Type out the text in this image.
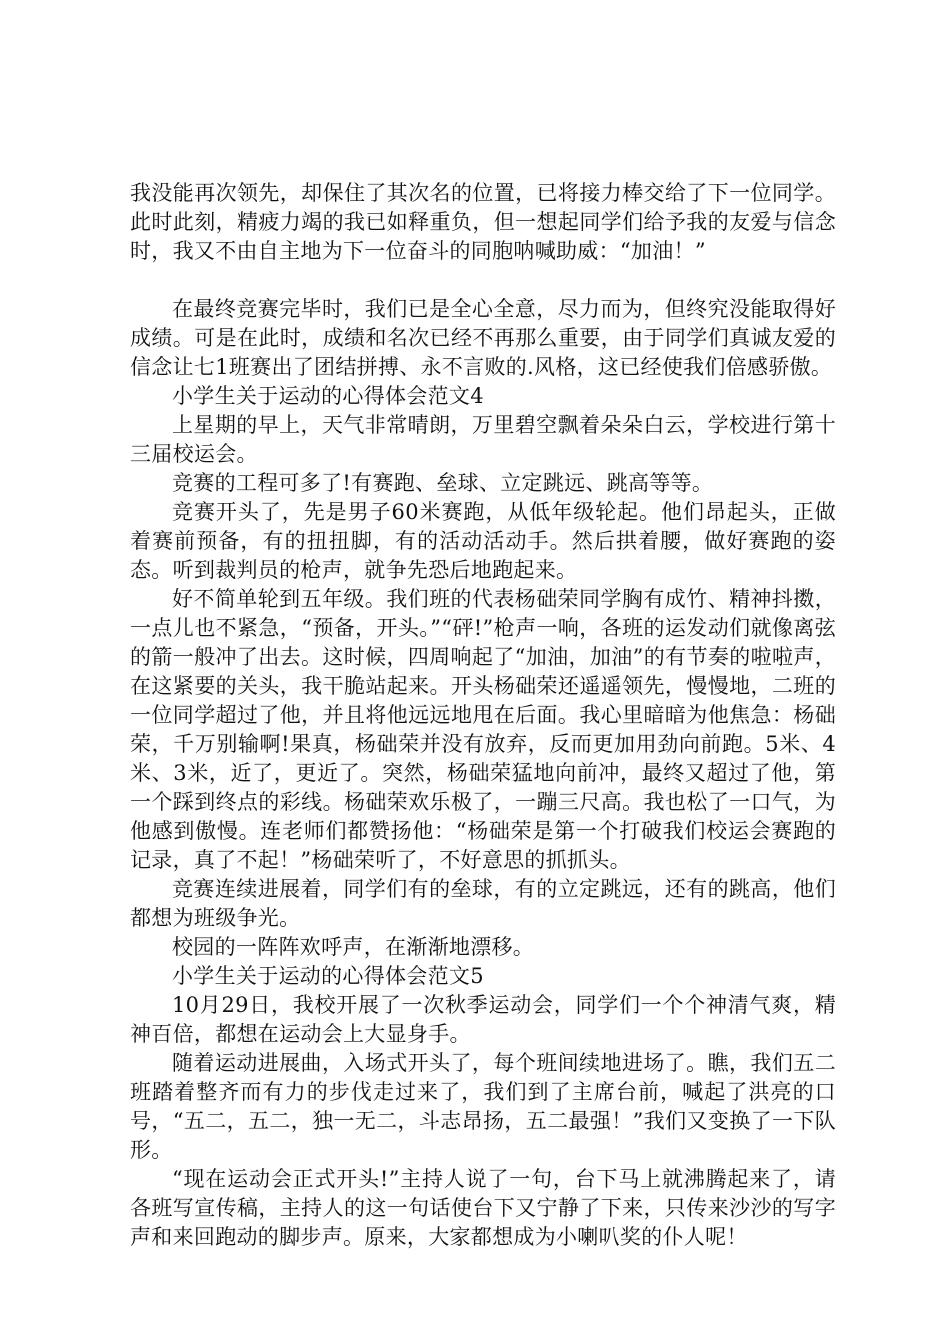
我没能再次领先，却保住了其次名的位置，已将接力棒交给了下一位同学。此时此刻，精疲力竭的我已如释重负，但一想起同学们给予我的友爱与信念时，我又不由自主地为下一位奋斗的同胞呐喊助威：“加油！”

在最终竞赛完毕时，我们已是全心全意，尽力而为，但终究没能取得好成绩。可是在此时，成绩和名次已经不再那么重要，由于同学们真诚友爱的信念让七1班赛出了团结拼搏、永不言败的.风格，这已经使我们倍感骄傲。

小学生关于运动的心得体会范文4

上星期的早上，天气非常晴朗，万里碧空飘着朵朵白云，学校进行第十三届校运会。

竞赛的工程可多了!有赛跑、垒球、立定跳远、跳高等等。

竞赛开头了，先是男子60米赛跑，从低年级轮起。他们昂起头，正做着赛前预备，有的扭扭脚，有的活动活动手。然后拱着腰，做好赛跑的姿态。听到裁判员的枪声，就争先恐后地跑起来。

好不简单轮到五年级。我们班的代表杨础荣同学胸有成竹、精神抖擞，一点儿也不紧急，“预备，开头。”“砰!”枪声一响，各班的运发动们就像离弦的箭一般冲了出去。这时候，四周响起了“加油，加油”的有节奏的啦啦声，在这紧要的关头，我干脆站起来。开头杨础荣还遥遥领先，慢慢地，二班的一位同学超过了他，并且将他远远地甩在后面。我心里暗暗为他焦急：杨础荣，千万别输啊!果真，杨础荣并没有放弃，反而更加用劲向前跑。5米、4米、3米，近了，更近了。突然，杨础荣猛地向前冲，最终又超过了他，第一个踩到终点的彩线。杨础荣欢乐极了，一蹦三尺高。我也松了一口气，为他感到傲慢。连老师们都赞扬他：“杨础荣是第一个打破我们校运会赛跑的记录，真了不起！”杨础荣听了，不好意思的抓抓头。

竞赛连续进展着，同学们有的垒球，有的立定跳远，还有的跳高，他们都想为班级争光。

校园的一阵阵欢呼声，在渐渐地漂移。

小学生关于运动的心得体会范文5

10月29日，我校开展了一次秋季运动会，同学们一个个神清气爽，精神百倍，都想在运动会上大显身手。

随着运动进展曲，入场式开头了，每个班间续地进场了。瞧，我们五二班踏着整齐而有力的步伐走过来了，我们到了主席台前，喊起了洪亮的口号，“五二，五二，独一无二，斗志昂扬，五二最强！”我们又变换了一下队形。

“现在运动会正式开头!”主持人说了一句，台下马上就沸腾起来了，请各班写宣传稿，主持人的这一句话使台下又宁静了下来，只传来沙沙的写字声和来回跑动的脚步声。原来，大家都想成为小喇叭奖的仆人呢！
